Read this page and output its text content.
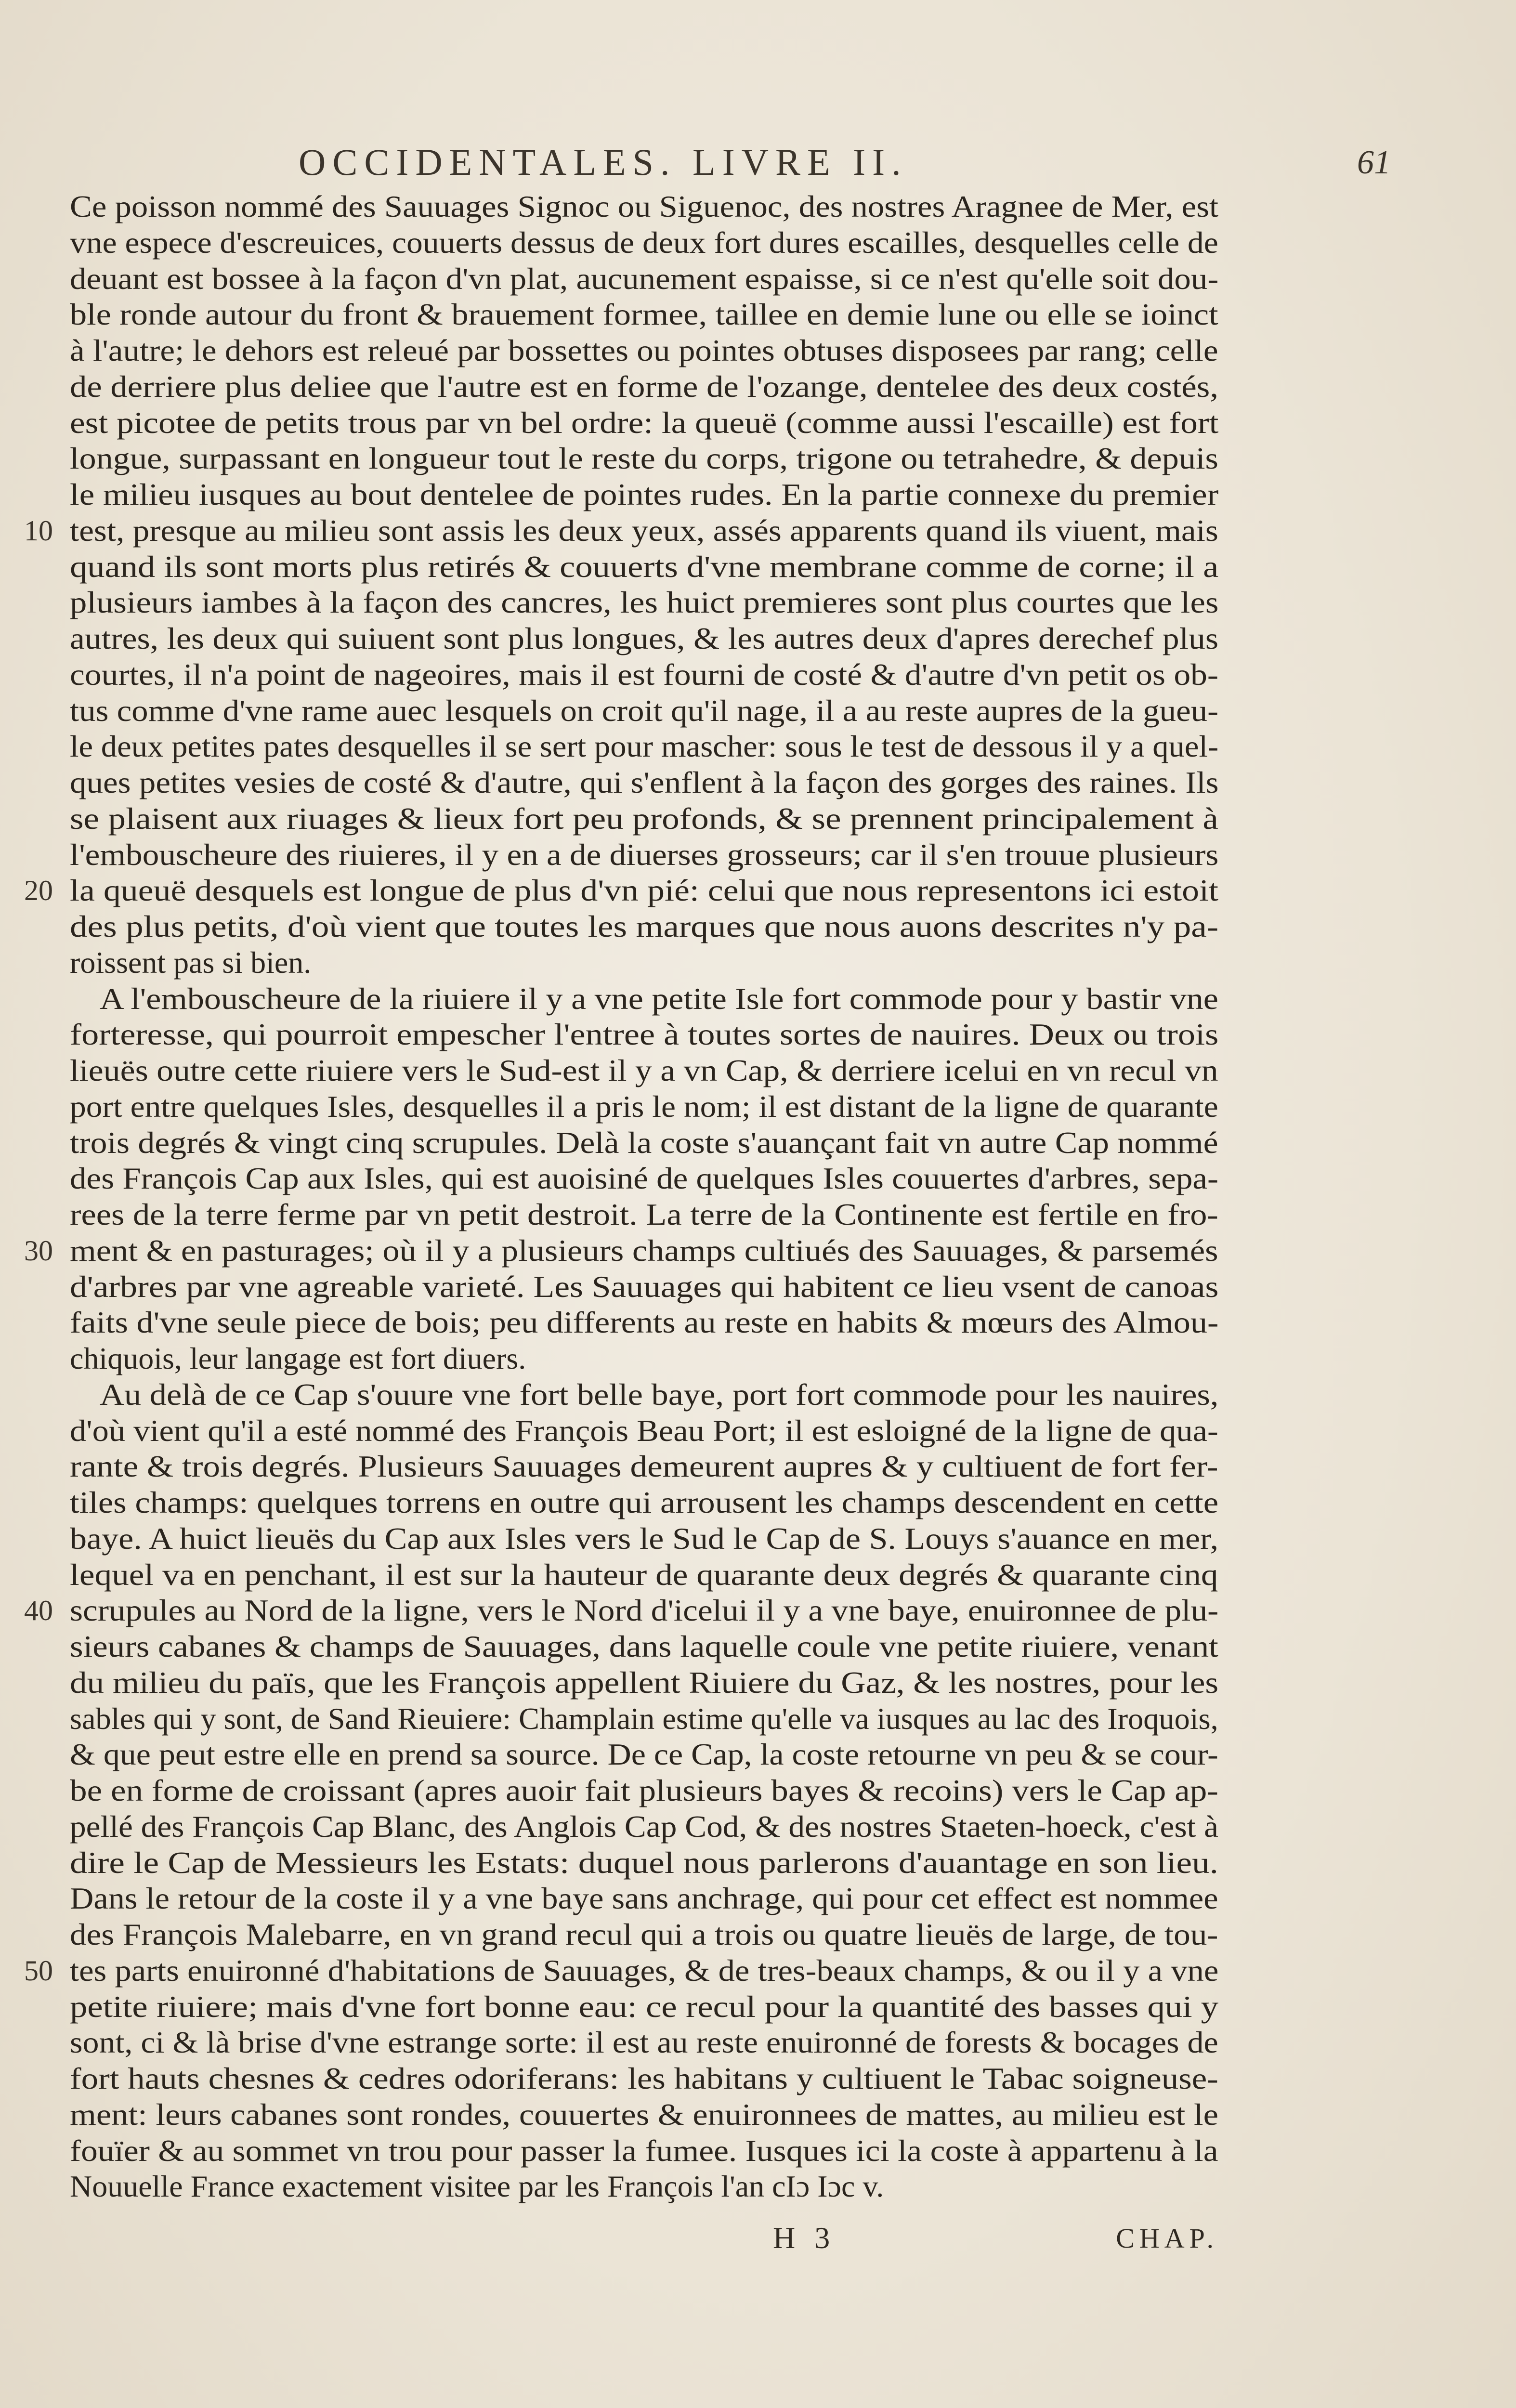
OCCIDENTALES. LIVRE II.	61
Ce poisson nommé des Sauuages Signoc ou Siguenoc, des nostres Aragnee de Mer, est
vne espece d'escreuices, couuerts dessus de deux fort dures escailles, desquelles celle de
deuant est bossee à la façon d'vn plat, aucunement espaisse, si ce n'est qu'elle soit dou-
ble ronde autour du front & brauement formee, taillee en demie lune ou elle se ioinct
à l'autre; le dehors est releué par bossettes ou pointes obtuses disposees par rang; celle
de derriere plus deliee que l'autre est en forme de l'ozange, dentelee des deux costés,
est picotee de petits trous par vn bel ordre: la queuë (comme aussi l'escaille) est fort
longue, surpassant en longueur tout le reste du corps, trigone ou tetrahedre, & depuis
le milieu iusques au bout dentelee de pointes rudes. En la partie connexe du premier
10 test, presque au milieu sont assis les deux yeux, assés apparents quand ils viuent, mais
quand ils sont morts plus retirés & couuerts d'vne membrane comme de corne; il a
plusieurs iambes à la façon des cancres, les huict premieres sont plus courtes que les
autres, les deux qui suiuent sont plus longues, & les autres deux d'apres derechef plus
courtes, il n'a point de nageoires, mais il est fourni de costé & d'autre d'vn petit os ob-
tus comme d'vne rame auec lesquels on croit qu'il nage, il a au reste aupres de la gueu-
le deux petites pates desquelles il se sert pour mascher: sous le test de dessous il y a quel-
ques petites vesies de costé & d'autre, qui s'enflent à la façon des gorges des raines. Ils
se plaisent aux riuages & lieux fort peu profonds, & se prennent principalement à
l'embouscheure des riuieres, il y en a de diuerses grosseurs; car il s'en trouue plusieurs
20 la queuë desquels est longue de plus d'vn pié: celui que nous representons ici estoit
des plus petits, d'où vient que toutes les marques que nous auons descrites n'y pa-
roissent pas si bien.
A l'embouscheure de la riuiere il y a vne petite Isle fort commode pour y bastir vne
forteresse, qui pourroit empescher l'entree à toutes sortes de nauires. Deux ou trois
lieuës outre cette riuiere vers le Sud-est il y a vn Cap, & derriere icelui en vn recul vn
port entre quelques Isles, desquelles il a pris le nom; il est distant de la ligne de quarante
trois degrés & vingt cinq scrupules. Delà la coste s'auançant fait vn autre Cap nommé
des François Cap aux Isles, qui est auoisiné de quelques Isles couuertes d'arbres, sepa-
rees de la terre ferme par vn petit destroit. La terre de la Continente est fertile en fro-
30 ment & en pasturages; où il y a plusieurs champs cultiués des Sauuages, & parsemés
d'arbres par vne agreable varieté. Les Sauuages qui habitent ce lieu vsent de canoas
faits d'vne seule piece de bois; peu differents au reste en habits & mœurs des Almou-
chiquois, leur langage est fort diuers.
Au delà de ce Cap s'ouure vne fort belle baye, port fort commode pour les nauires,
d'où vient qu'il a esté nommé des François Beau Port; il est esloigné de la ligne de qua-
rante & trois degrés. Plusieurs Sauuages demeurent aupres & y cultiuent de fort fer-
tiles champs: quelques torrens en outre qui arrousent les champs descendent en cette
baye. A huict lieuës du Cap aux Isles vers le Sud le Cap de S. Louys s'auance en mer,
lequel va en penchant, il est sur la hauteur de quarante deux degrés & quarante cinq
40 scrupules au Nord de la ligne, vers le Nord d'icelui il y a vne baye, enuironnee de plu-
sieurs cabanes & champs de Sauuages, dans laquelle coule vne petite riuiere, venant
du milieu du païs, que les François appellent Riuiere du Gaz, & les nostres, pour les
sables qui y sont, de Sand Rieuiere: Champlain estime qu'elle va iusques au lac des Iroquois,
& que peut estre elle en prend sa source. De ce Cap, la coste retourne vn peu & se cour-
be en forme de croissant (apres auoir fait plusieurs bayes & recoins) vers le Cap ap-
pellé des François Cap Blanc, des Anglois Cap Cod, & des nostres Staeten-hoeck, c'est à
dire le Cap de Messieurs les Estats: duquel nous parlerons d'auantage en son lieu.
Dans le retour de la coste il y a vne baye sans anchrage, qui pour cet effect est nommee
des François Malebarre, en vn grand recul qui a trois ou quatre lieuës de large, de tou-
50 tes parts enuironné d'habitations de Sauuages, & de tres-beaux champs, & ou il y a vne
petite riuiere; mais d'vne fort bonne eau: ce recul pour la quantité des basses qui y
sont, ci & là brise d'vne estrange sorte: il est au reste enuironné de forests & bocages de
fort hauts chesnes & cedres odoriferans: les habitans y cultiuent le Tabac soigneuse-
ment: leurs cabanes sont rondes, couuertes & enuironnees de mattes, au milieu est le
fouïer & au sommet vn trou pour passer la fumee. Iusques ici la coste à appartenu à la
Nouuelle France exactement visitee par les François l'an cIɔ Iɔc v.
H 3	CHAP.
